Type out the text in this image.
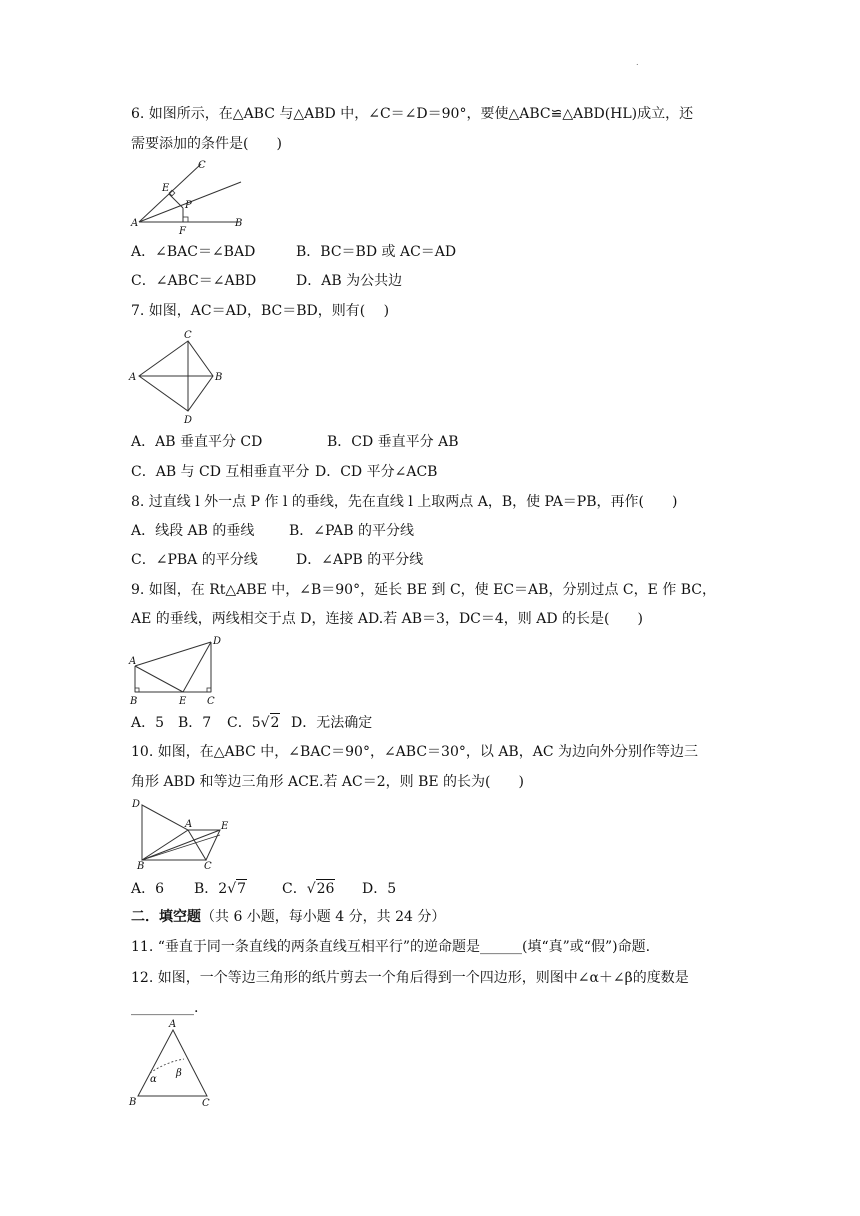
.
6. 如图所示，在△ABC 与△ABD 中，∠C＝∠D＝90°，要使△ABC≌△ABD(HL)成立，还
需要添加的条件是(　　)
C
E
P
A
F
B
A．∠BAC＝∠BAD	B．BC＝BD 或 AC＝AD
C．∠ABC＝∠ABD	D．AB 为公共边
7. 如图，AC＝AD，BC＝BD，则有(　 )
C
A	B
D
A．AB 垂直平分 CD	B．CD 垂直平分 AB
C．AB 与 CD 互相垂直平分 D．CD 平分∠ACB
8. 过直线 l 外一点 P 作 l 的垂线，先在直线 l 上取两点 A，B，使 PA＝PB，再作(　　)
A．线段 AB 的垂线 B．∠PAB 的平分线
C．∠PBA 的平分线	D．∠APB 的平分线
9. 如图，在 Rt△ABE 中，∠B＝90°，延长 BE 到 C，使 EC＝AB，分别过点 C，E 作 BC，
AE 的垂线，两线相交于点 D，连接 AD.若 AB＝3，DC＝4，则 AD 的长是(　　)
A
D
B	E C
A．5 B．7 C．5√2 D．无法确定
10. 如图，在△ABC 中，∠BAC＝90°，∠ABC＝30°，以 AB，AC 为边向外分别作等边三
角形 ABD 和等边三角形 ACE.若 AC＝2，则 BE 的长为(　　)
D
A	E
B	C
A．6 B．2√7	C．√26 D．5
二．填空题（共 6 小题，每小题 4 分，共 24 分）
11. “垂直于同一条直线的两条直线互相平行”的逆命题是______(填“真”或“假”)命题.
12. 如图，一个等边三角形的纸片剪去一个角后得到一个四边形，则图中∠α＋∠β的度数是
_________.
A
α
β
B	C
